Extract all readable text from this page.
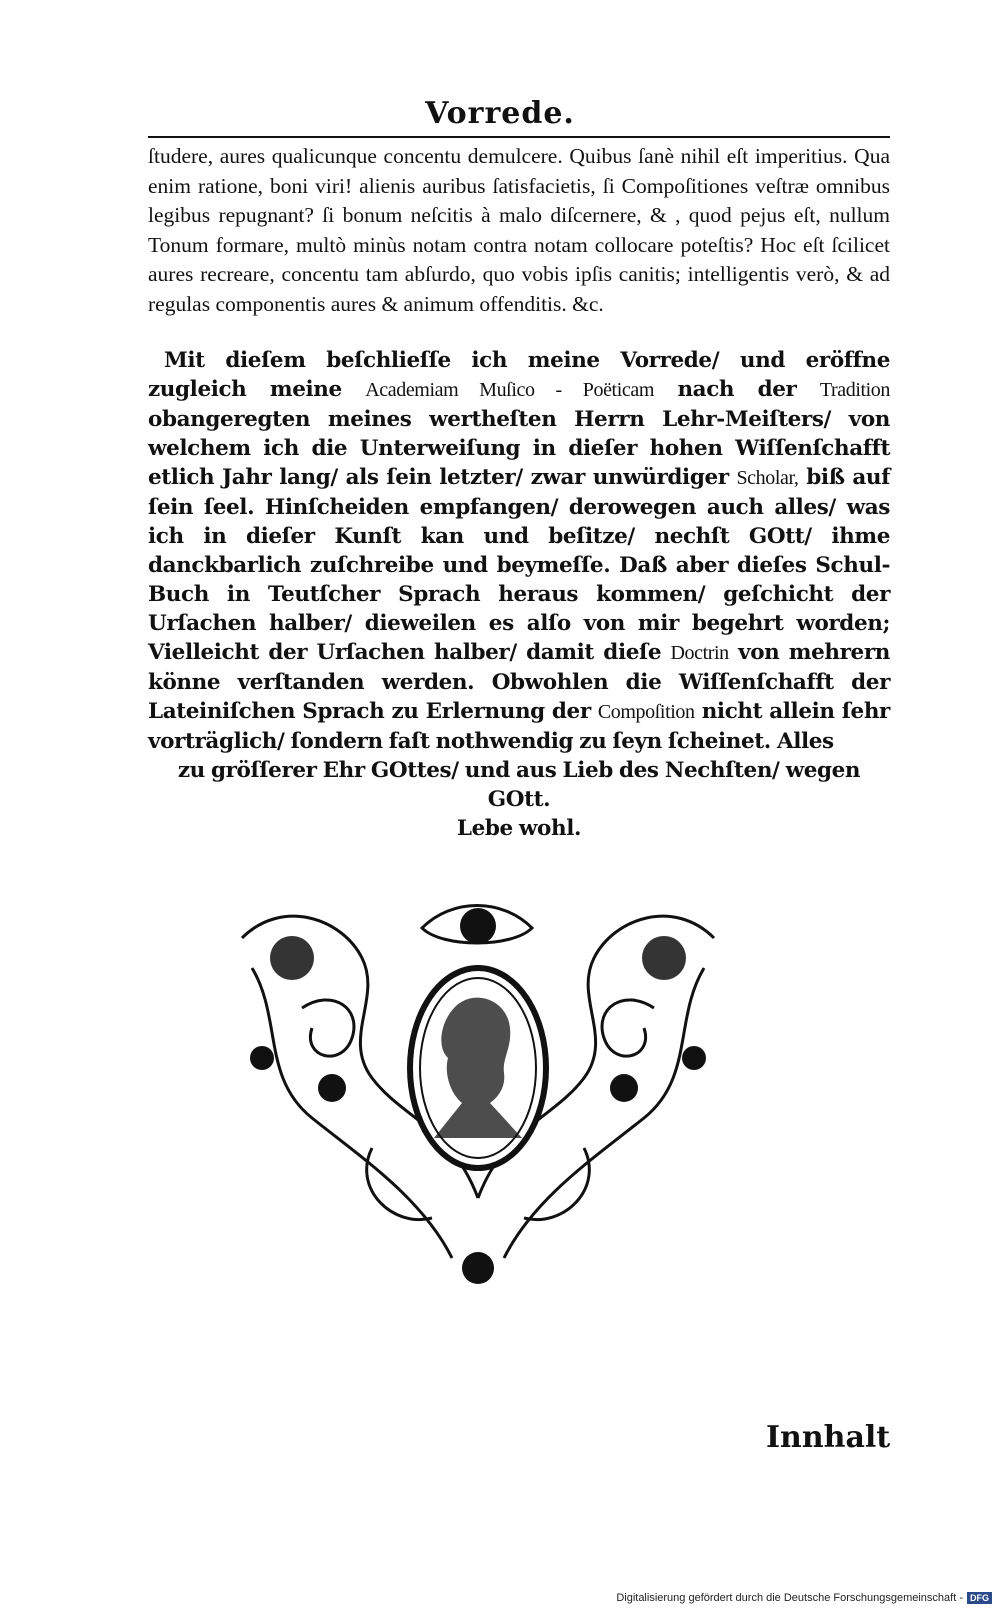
Vorrede.
ſtudere, aures qualicunque concentu demulcere. Quibus ſanè nihil eſt imperitius. Qua enim ratione, boni viri! alienis auribus ſatisfacietis, ſi Compoſitiones veſtræ omnibus legibus repugnant? ſi bonum neſcitis à malo diſcernere, & , quod pejus eſt, nullum Tonum formare, multò minùs notam contra notam collocare poteſtis? Hoc eſt ſcilicet aures recreare, concentu tam abſurdo, quo vobis ipſis canitis; intelligentis verò, & ad regulas componentis aures & animum offenditis. &c.
Mit dieſem beſchlieſſe ich meine Vorrede/ und eröffne zugleich meine Academiam Muſico - Poëticam nach der Tradition obangeregten meines wertheſten Herrn Lehr-Meiſters/ von welchem ich die Unterweiſung in dieſer hohen Wiſſenſchafft etlich Jahr lang/ als ſein letzter/ zwar unwürdiger Scholar, biß auf ſein ſeel. Hinſcheiden empfangen/ derowegen auch alles/ was ich in dieſer Kunſt kan und beſitze/ nechſt GOtt/ ihme danckbarlich zuſchreibe und beymeſſe. Daß aber dieſes Schul-Buch in Teutſcher Sprach heraus kommen/ geſchicht der Urſachen halber/ dieweilen es alſo von mir begehrt worden; Vielleicht der Urſachen halber/ damit dieſe Doctrin von mehrern könne verſtanden werden. Obwohlen die Wiſſenſchafft der Lateiniſchen Sprach zu Erlernung der Compoſition nicht allein ſehr vorträglich/ ſondern faſt nothwendig zu ſeyn ſcheinet. Alles
zu gröſſerer Ehr GOttes/ und aus Lieb des Nechſten/ wegen GOtt.
Lebe wohl.
Innhalt
Digitalisierung gefördert durch die Deutsche Forschungsgemeinschaft - DFG
